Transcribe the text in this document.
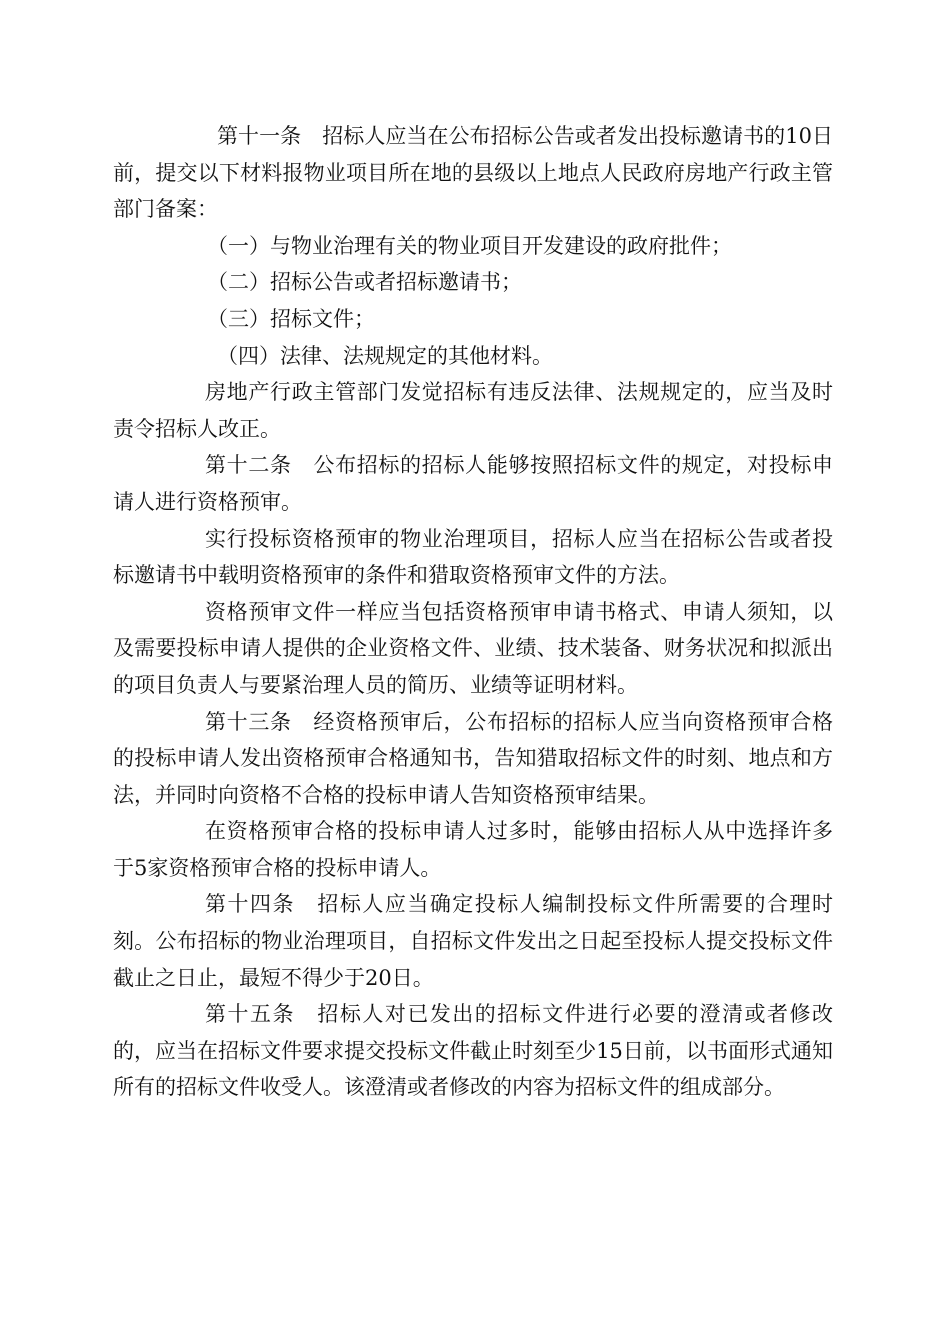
第十一条　招标人应当在公布招标公告或者发出投标邀请书的10日前，提交以下材料报物业项目所在地的县级以上地点人民政府房地产行政主管部门备案：

（一）与物业治理有关的物业项目开发建设的政府批件；

（二）招标公告或者招标邀请书；

（三）招标文件；

（四）法律、法规规定的其他材料。

房地产行政主管部门发觉招标有违反法律、法规规定的，应当及时责令招标人改正。

第十二条　公布招标的招标人能够按照招标文件的规定，对投标申请人进行资格预审。

实行投标资格预审的物业治理项目，招标人应当在招标公告或者投标邀请书中载明资格预审的条件和猎取资格预审文件的方法。

资格预审文件一样应当包括资格预审申请书格式、申请人须知，以及需要投标申请人提供的企业资格文件、业绩、技术装备、财务状况和拟派出的项目负责人与要紧治理人员的简历、业绩等证明材料。

第十三条　经资格预审后，公布招标的招标人应当向资格预审合格的投标申请人发出资格预审合格通知书，告知猎取招标文件的时刻、地点和方法，并同时向资格不合格的投标申请人告知资格预审结果。

在资格预审合格的投标申请人过多时，能够由招标人从中选择许多于5家资格预审合格的投标申请人。

第十四条　招标人应当确定投标人编制投标文件所需要的合理时刻。公布招标的物业治理项目，自招标文件发出之日起至投标人提交投标文件截止之日止，最短不得少于20日。

第十五条　招标人对已发出的招标文件进行必要的澄清或者修改的，应当在招标文件要求提交投标文件截止时刻至少15日前，以书面形式通知所有的招标文件收受人。该澄清或者修改的内容为招标文件的组成部分。
